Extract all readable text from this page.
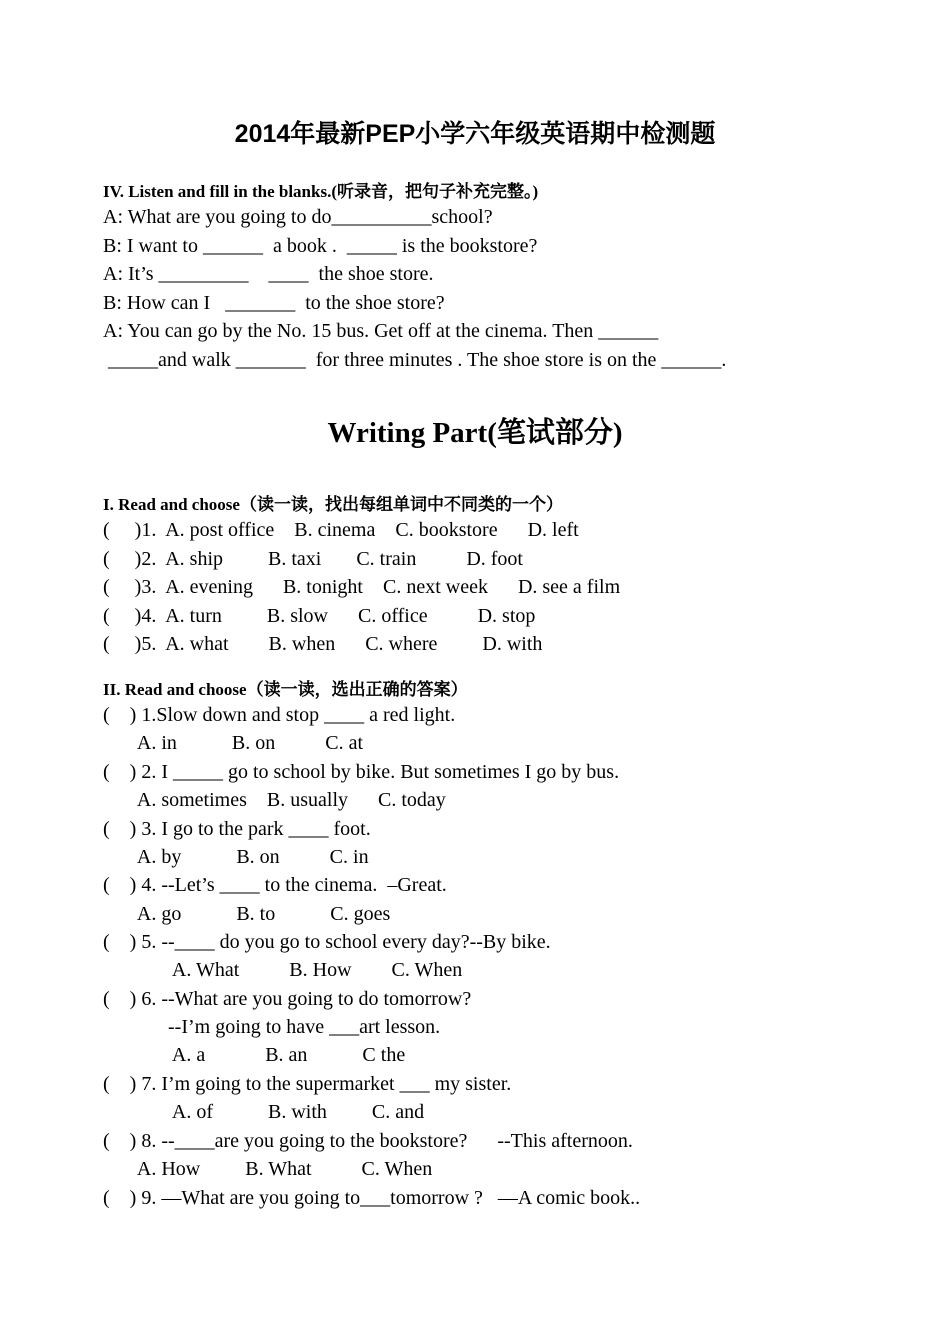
2014年最新PEP小学六年级英语期中检测题
IV. Listen and fill in the blanks.(听录音，把句子补充完整。)
A: What are you going to do__________school?
B: I want to ______  a book .  _____ is the bookstore?
A: It’s _________    ____  the shoe store.
B: How can I   _______  to the shoe store?
A: You can go by the No. 15 bus. Get off at the cinema. Then ______
_____and walk _______  for three minutes . The shoe store is on the ______.
Writing Part(笔试部分)
I. Read and choose（读一读，找出每组单词中不同类的一个）
(     )1.  A. post office    B. cinema    C. bookstore      D. left
(     )2.  A. ship         B. taxi       C. train          D. foot
(     )3.  A. evening      B. tonight    C. next week      D. see a film
(     )4.  A. turn         B. slow      C. office          D. stop
(     )5.  A. what        B. when      C. where         D. with
II. Read and choose（读一读，选出正确的答案）
(    ) 1.Slow down and stop ____ a red light.
A. in           B. on          C. at
(    ) 2. I _____ go to school by bike. But sometimes I go by bus.
A. sometimes    B. usually      C. today
(    ) 3. I go to the park ____ foot.
A. by           B. on          C. in
(    ) 4. --Let’s ____ to the cinema.  –Great.
A. go           B. to           C. goes
(    ) 5. --____ do you go to school every day?--By bike.
A. What          B. How        C. When
(    ) 6. --What are you going to do tomorrow?
--I’m going to have ___art lesson.
A. a            B. an           C the
(    ) 7. I’m going to the supermarket ___ my sister.
A. of           B. with         C. and
(    ) 8. --____are you going to the bookstore?      --This afternoon.
A. How         B. What          C. When
(    ) 9. —What are you going to___tomorrow ?   —A comic book..
